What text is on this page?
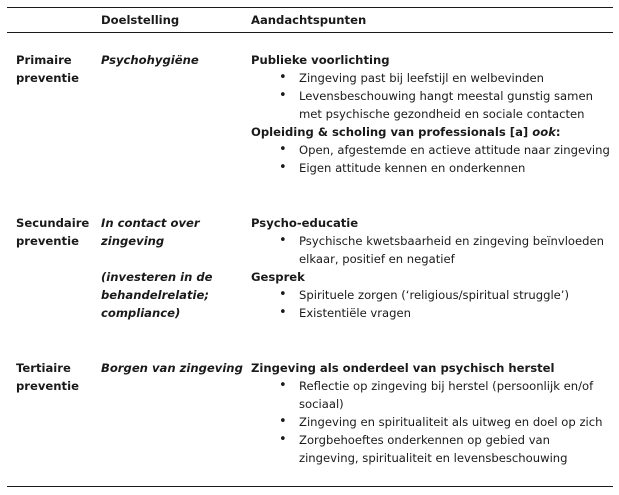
Doelstelling	Aandachtspunten
Primaire
preventie
Psychohygiëne	Publieke voorlichting
• Zingeving past bij leefstijl en welbevinden
• Levensbeschouwing hangt meestal gunstig samen met psychische gezondheid en sociale contacten
Opleiding & scholing van professionals [a] ook:
• Open, afgestemde en actieve attitude naar zingeving
• Eigen attitude kennen en onderkennen
Secundaire
preventie
In contact over
zingeving
(investeren in de
behandelrelatie;
compliance)
Psycho-educatie
• Psychische kwetsbaarheid en zingeving beïnvloeden elkaar, positief en negatief
Gesprek
• Spirituele zorgen (‘religious/spiritual struggle’)
• Existentiële vragen
Tertiaire
preventie
Borgen van zingeving Zingeving als onderdeel van psychisch herstel
• Reflectie op zingeving bij herstel (persoonlijk en/of sociaal)
• Zingeving en spiritualiteit als uitweg en doel op zich
• Zorgbehoeftes onderkennen op gebied van zingeving, spiritualiteit en levensbeschouwing
